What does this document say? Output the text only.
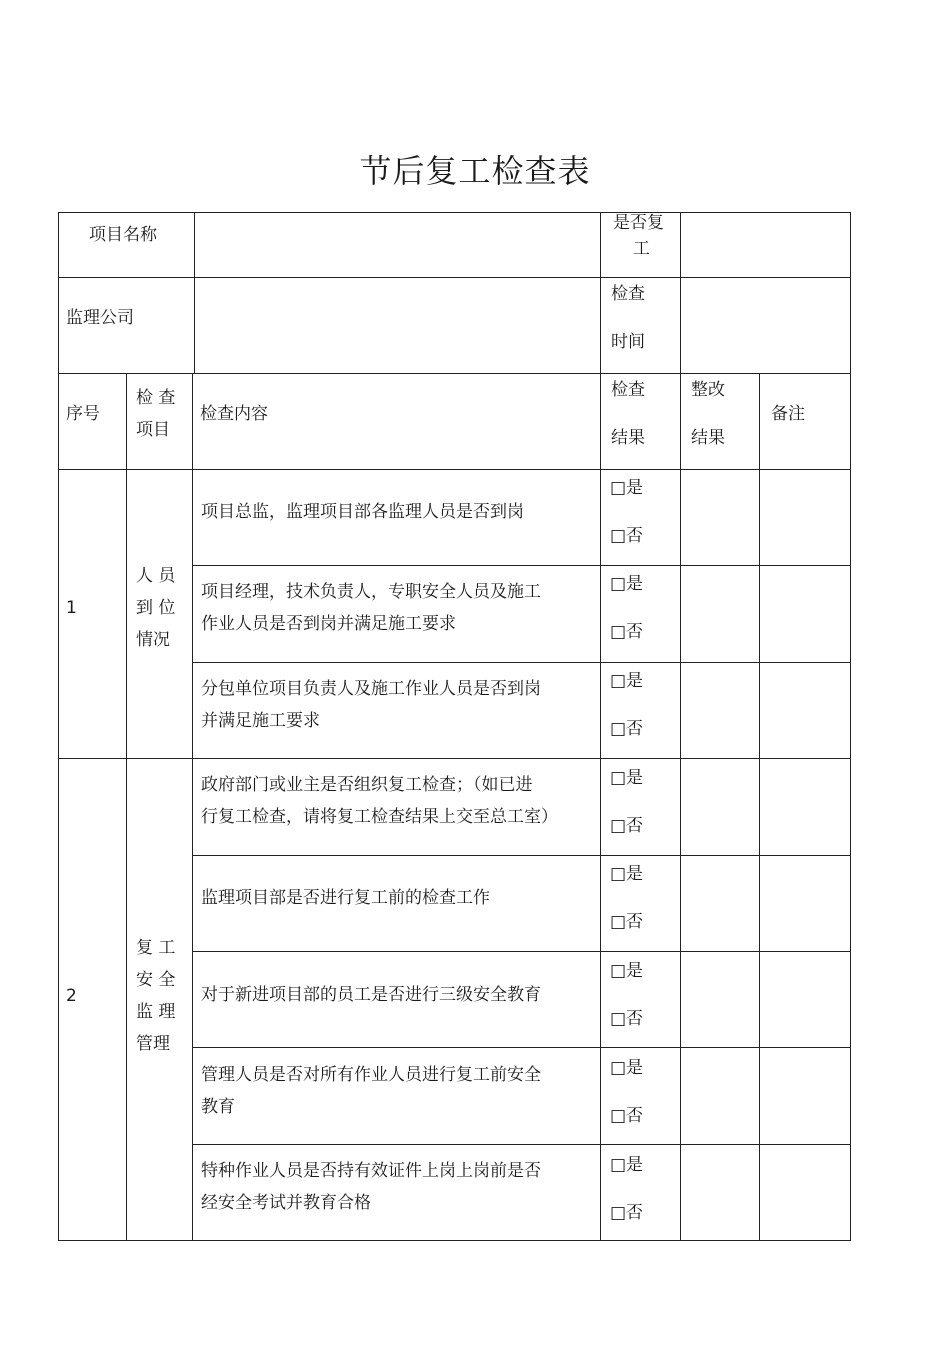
节后复工检查表
项目名称
是否复
工
监理公司
检查
时间
序号
检 查
项目
检查内容
检查
结果
整改
结果
备注
1
人 员
到 位
情况
项目总监，监理项目部各监理人员是否到岗
项目经理，技术负责人，专职安全人员及施工
作业人员是否到岗并满足施工要求
分包单位项目负责人及施工作业人员是否到岗
并满足施工要求
2
复 工
安 全
监 理
管理
政府部门或业主是否组织复工检查；（如已进
行复工检查，请将复工检查结果上交至总工室）
监理项目部是否进行复工前的检查工作
对于新进项目部的员工是否进行三级安全教育
管理人员是否对所有作业人员进行复工前安全
教育
特种作业人员是否持有效证件上岗上岗前是否
经安全考试并教育合格
□是
□否
□是
□否
□是
□否
□是
□否
□是
□否
□是
□否
□是
□否
□是
□否
